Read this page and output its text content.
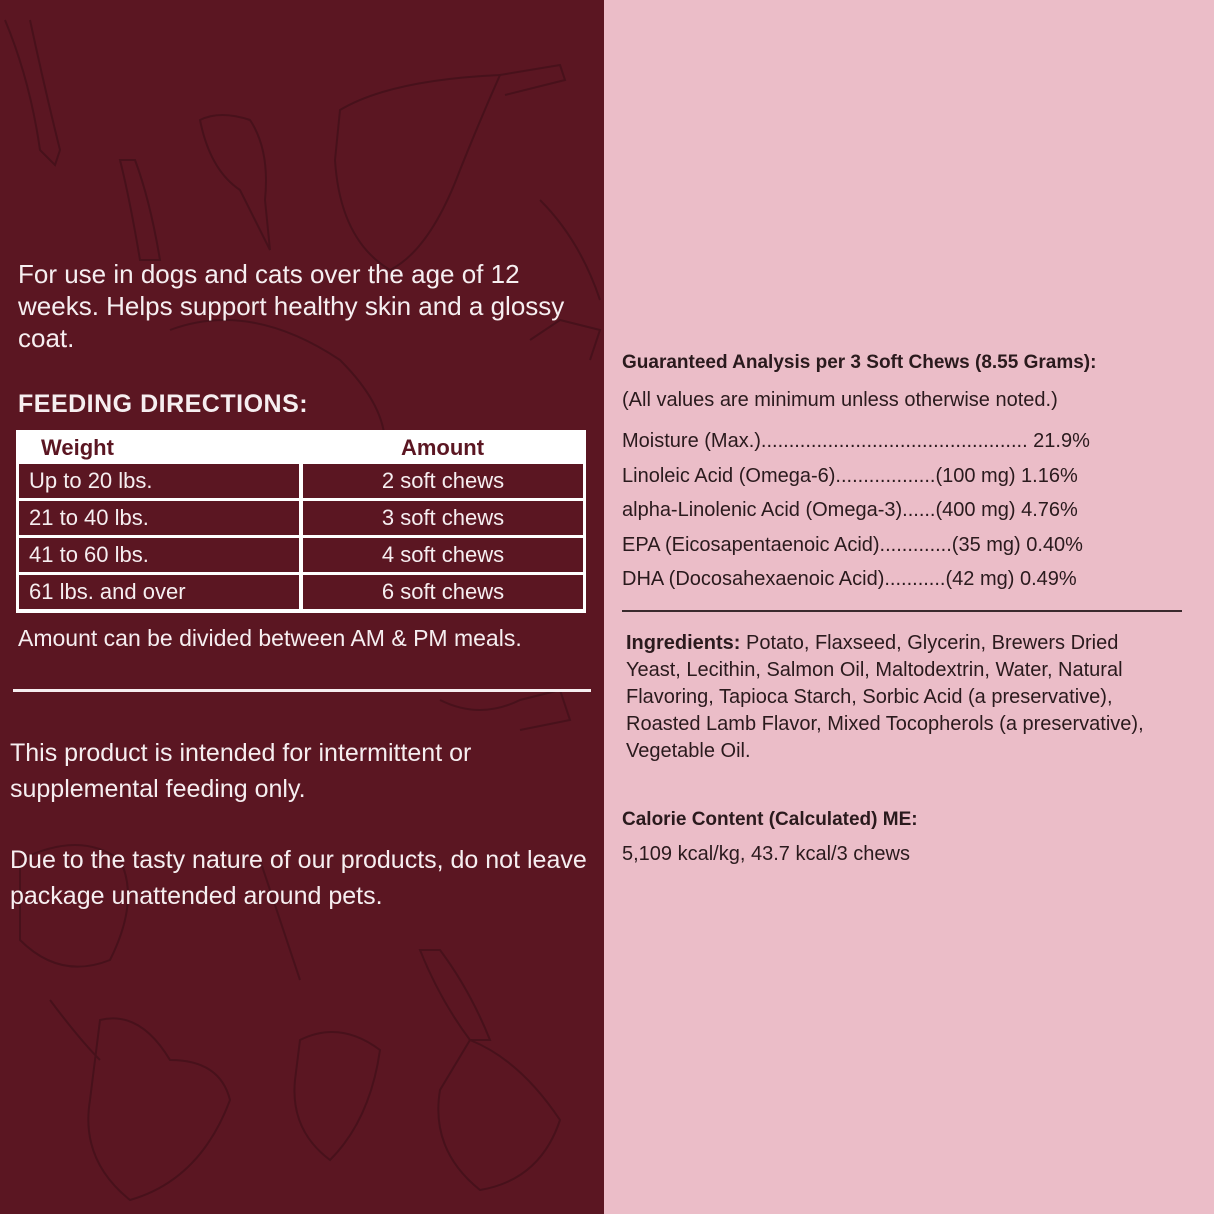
For use in dogs and cats over the age of 12 weeks. Helps support healthy skin and a glossy coat.
FEEDING DIRECTIONS:
Weight	Amount
Up to 20 lbs.	2 soft chews
21 to 40 lbs.	3 soft chews
41 to 60 lbs.	4 soft chews
61 lbs. and over	6 soft chews
Amount can be divided between AM & PM meals.
This product is intended for intermittent or supplemental feeding only.
Due to the tasty nature of our products, do not leave package unattended around pets.
Guaranteed Analysis per 3 Soft Chews (8.55 Grams):
(All values are minimum unless otherwise noted.)
Moisture (Max.)................................................ 21.9%
Linoleic Acid (Omega-6)..................(100 mg) 1.16%
alpha-Linolenic Acid (Omega-3)......(400 mg) 4.76%
EPA (Eicosapentaenoic Acid).............(35 mg) 0.40%
DHA (Docosahexaenoic Acid)...........(42 mg) 0.49%
Ingredients: Potato, Flaxseed, Glycerin, Brewers Dried Yeast, Lecithin, Salmon Oil, Maltodextrin, Water, Natural Flavoring, Tapioca Starch, Sorbic Acid (a preservative), Roasted Lamb Flavor, Mixed Tocopherols (a preservative), Vegetable Oil.
Calorie Content (Calculated) ME:
5,109 kcal/kg, 43.7 kcal/3 chews
